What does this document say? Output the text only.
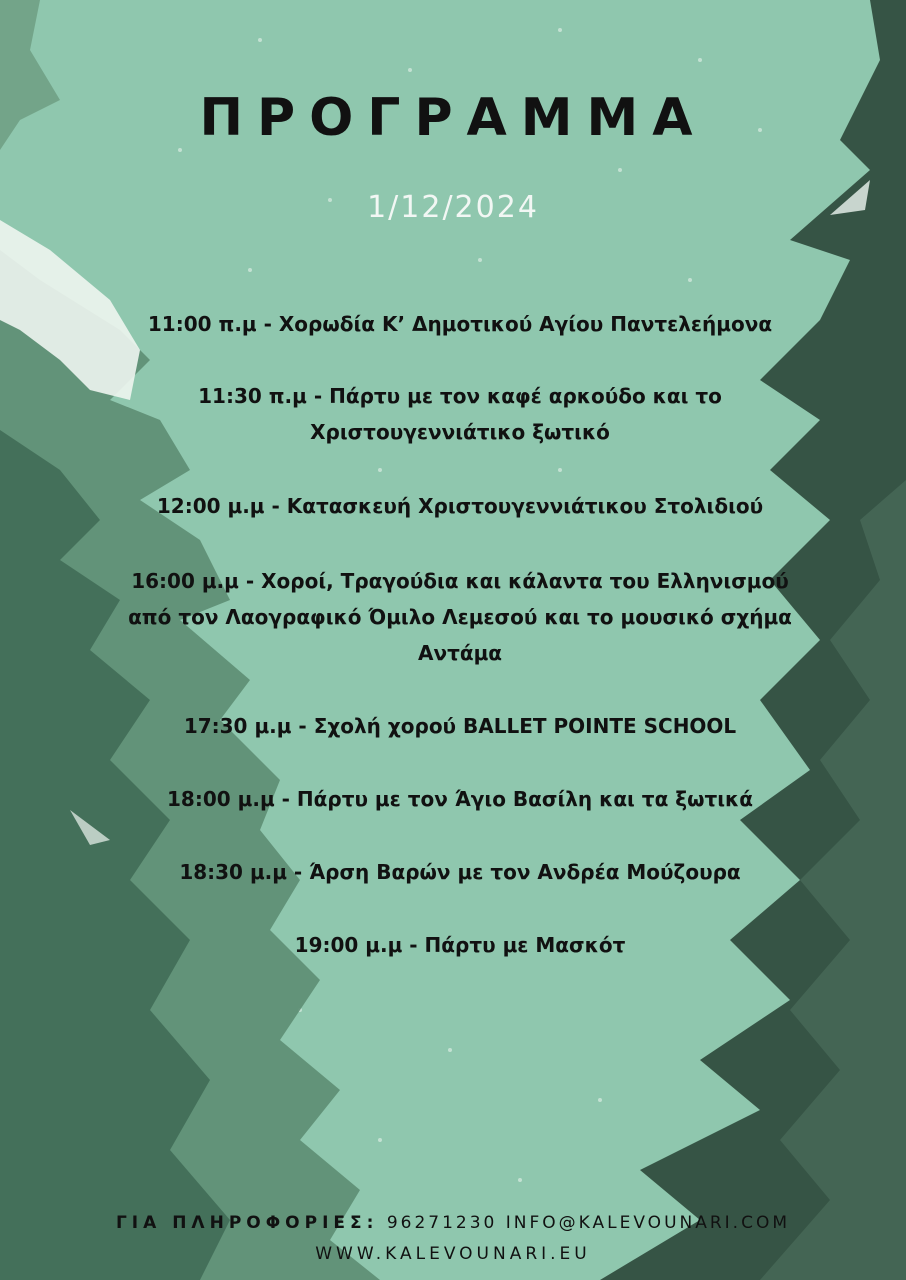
ΠΡΟΓΡΑΜΜΑ
1/12/2024
11:00 π.μ - Χορωδία Κ’ Δημοτικού Αγίου Παντελεήμονα
11:30 π.μ - Πάρτυ με τον καφέ αρκούδο και το
Χριστουγεννιάτικο ξωτικό
12:00 μ.μ - Κατασκευή Χριστουγεννιάτικου Στολιδιού
16:00 μ.μ - Χοροί, Τραγούδια και κάλαντα του Ελληνισμού
από τον Λαογραφικό Όμιλο Λεμεσού και το μουσικό σχήμα
Αντάμα
17:30 μ.μ - Σχολή χορού BALLET POINTE SCHOOL
18:00 μ.μ - Πάρτυ με τον Άγιο Βασίλη και τα ξωτικά
18:30 μ.μ - Άρση Βαρών με τον Ανδρέα Μούζουρα
19:00 μ.μ - Πάρτυ με Μασκότ
ΓΙΑ ΠΛΗΡΟΦΟΡΙΕΣ: 96271230 INFO@KALEVOUNARI.COM
WWW.KALEVOUNARI.EU
